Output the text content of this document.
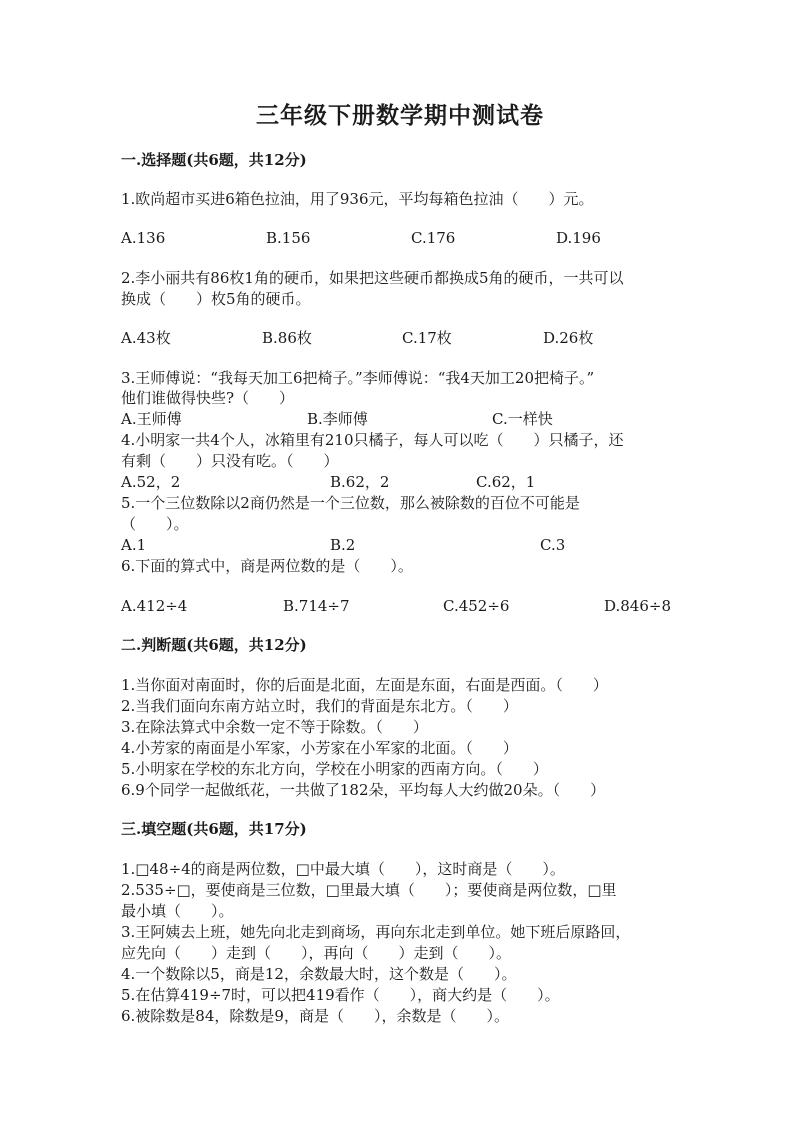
三年级下册数学期中测试卷
一.选择题(共6题，共12分)
1.欧尚超市买进6箱色拉油，用了936元，平均每箱色拉油（　　）元。
A.136	B.156	C.176	D.196
2.李小丽共有86枚1角的硬币，如果把这些硬币都换成5角的硬币，一共可以
换成（　　）枚5角的硬币。
A.43枚	B.86枚	C.17枚	D.26枚
3.王师傅说：“我每天加工6把椅子。”李师傅说：“我4天加工20把椅子。”
他们谁做得快些?（　　）
A.王师傅	B.李师傅	C.一样快
4.小明家一共4个人，冰箱里有210只橘子，每人可以吃（　　）只橘子，还
有剩（　　）只没有吃。（　　）
A.52，2	B.62，2	C.62，1
5.一个三位数除以2商仍然是一个三位数，那么被除数的百位不可能是
（　　）。
A.1	B.2	C.3
6.下面的算式中，商是两位数的是（　　）。
A.412÷4	B.714÷7	C.452÷6	D.846÷8
二.判断题(共6题，共12分)
1.当你面对南面时，你的后面是北面，左面是东面，右面是西面。（　　）
2.当我们面向东南方站立时，我们的背面是东北方。（　　）
3.在除法算式中余数一定不等于除数。（　　）
4.小芳家的南面是小军家，小芳家在小军家的北面。（　　）
5.小明家在学校的东北方向，学校在小明家的西南方向。（　　）
6.9个同学一起做纸花，一共做了182朵，平均每人大约做20朵。（　　）
三.填空题(共6题，共17分)
1.□48÷4的商是两位数，□中最大填（　　），这时商是（　　）。
2.535÷□，要使商是三位数，□里最大填（　　）；要使商是两位数，□里
最小填（　　）。
3.王阿姨去上班，她先向北走到商场，再向东北走到单位。她下班后原路回，
应先向（　　）走到（　　），再向（　　）走到（　　）。
4.一个数除以5，商是12，余数最大时，这个数是（　　）。
5.在估算419÷7时，可以把419看作（　　），商大约是（　　）。
6.被除数是84，除数是9，商是（　　），余数是（　　）。
